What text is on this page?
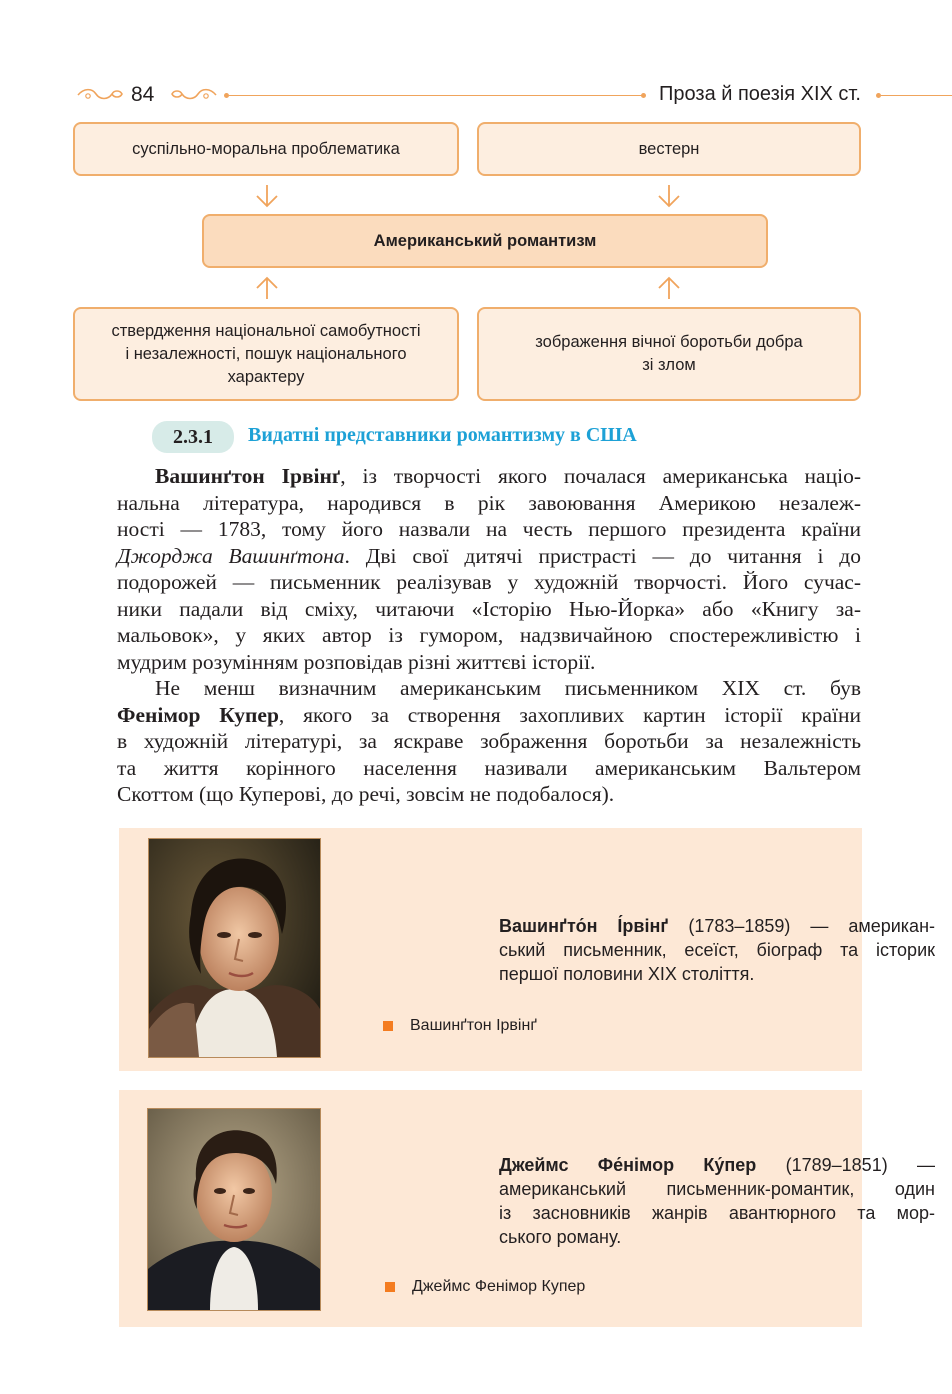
84	Проза й поезія XIX ст.
суспільно-моральна проблематика	вестерн
Американський романтизм
ствердження національної самобутності
і незалежності, пошук національного
характеру
зображення вічної боротьби добра
зі злом
2.3.1	Видатні представники романтизму в США
Вашинґтон Ірвінґ, із творчості якого почалася американська націо-
нальна література, народився в рік завоювання Америкою незалеж-
ності — 1783, тому його назвали на честь першого президента країни
Джорджа Вашинґтона. Дві свої дитячі пристрасті — до читання і до
подорожей — письменник реалізував у художній творчості. Його сучас-
ники падали від сміху, читаючи «Історію Нью-Йорка» або «Книгу за-
мальовок», у яких автор із гумором, надзвичайною спостережливістю і
мудрим розумінням розповідав різні життєві історії.
Не менш визначним американським письменником XIX ст. був
Фенімор Купер, якого за створення захопливих картин історії країни
в художній літературі, за яскраве зображення боротьби за незалежність
та життя корінного населення називали американським Вальтером
Скоттом (що Куперові, до речі, зовсім не подобалося).
Вашинґто́н І́рвінґ (1783–1859) — американ-
ський письменник, есеїст, біограф та історик
першої половини XIX століття.
Вашинґтон Ірвінґ
Джеймс Фе́німор Ку́пер (1789–1851) —
американський письменник-романтик, один
із засновників жанрів авантюрного та мор-
ського роману.
Джеймс Фенімор Купер
